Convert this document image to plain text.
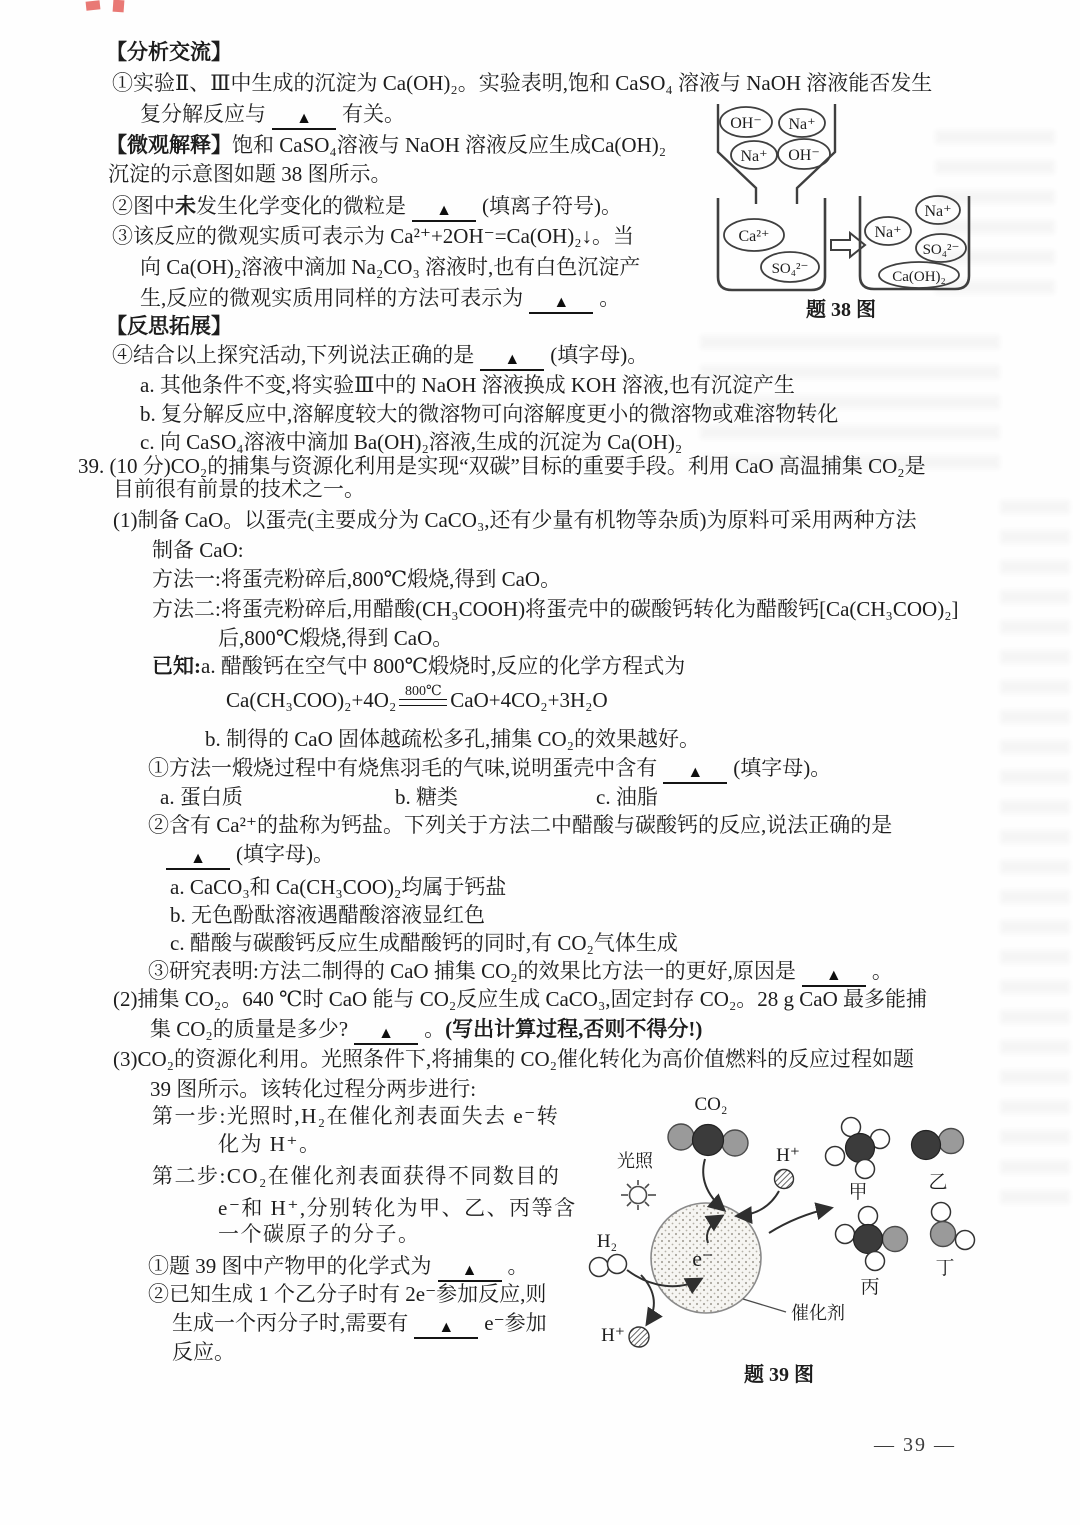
【分析交流】
①实验Ⅱ、Ⅲ中生成的沉淀为 Ca(OH)₂。实验表明,饱和 CaSO₄ 溶液与 NaOH 溶液能否发生
复分解反应与 ▲ 有关。
【微观解释】饱和 CaSO₄溶液与 NaOH 溶液反应生成Ca(OH)₂
沉淀的示意图如题 38 图所示。
②图中未发生化学变化的微粒是 ▲ (填离子符号)。
③该反应的微观实质可表示为 Ca²⁺+2OH⁻=Ca(OH)₂↓。当
向 Ca(OH)₂溶液中滴加 Na₂CO₃ 溶液时,也有白色沉淀产
生,反应的微观实质用同样的方法可表示为 ▲ 。
【反思拓展】
④结合以上探究活动,下列说法正确的是 ▲ (填字母)。
a. 其他条件不变,将实验Ⅲ中的 NaOH 溶液换成 KOH 溶液,也有沉淀产生
b. 复分解反应中,溶解度较大的微溶物可向溶解度更小的微溶物或难溶物转化
c. 向 CaSO₄溶液中滴加 Ba(OH)₂溶液,生成的沉淀为 Ca(OH)₂
OH⁻ Na⁺
Na⁺ OH⁻
Ca²⁺
SO₄²⁻
Na⁺
Na⁺
SO₄²⁻
Ca(OH)₂
题 38 图
39. (10 分)CO₂的捕集与资源化利用是实现“双碳”目标的重要手段。利用 CaO 高温捕集 CO₂是
目前很有前景的技术之一。
(1)制备 CaO。以蛋壳(主要成分为 CaCO₃,还有少量有机物等杂质)为原料可采用两种方法
制备 CaO:
方法一:将蛋壳粉碎后,800℃煅烧,得到 CaO。
方法二:将蛋壳粉碎后,用醋酸(CH₃COOH)将蛋壳中的碳酸钙转化为醋酸钙[Ca(CH₃COO)₂]
后,800℃煅烧,得到 CaO。
已知:a. 醋酸钙在空气中 800℃煅烧时,反应的化学方程式为
Ca(CH₃COO)₂+4O₂ 800℃ CaO+4CO₂+3H₂O
b. 制得的 CaO 固体越疏松多孔,捕集 CO₂的效果越好。
①方法一煅烧过程中有烧焦羽毛的气味,说明蛋壳中含有 ▲ (填字母)。
a. 蛋白质	b. 糖类	c. 油脂
②含有 Ca²⁺的盐称为钙盐。下列关于方法二中醋酸与碳酸钙的反应,说法正确的是
▲ (填字母)。
a. CaCO₃和 Ca(CH₃COO)₂均属于钙盐
b. 无色酚酞溶液遇醋酸溶液显红色
c. 醋酸与碳酸钙反应生成醋酸钙的同时,有 CO₂气体生成
③研究表明:方法二制得的 CaO 捕集 CO₂的效果比方法一的更好,原因是 ▲ 。
(2)捕集 CO₂。640 ℃时 CaO 能与 CO₂反应生成 CaCO₃,固定封存 CO₂。28 g CaO 最多能捕
集 CO₂的质量是多少? ▲ 。(写出计算过程,否则不得分!)
(3)CO₂的资源化利用。光照条件下,将捕集的 CO₂催化转化为高价值燃料的反应过程如题
39 图所示。该转化过程分两步进行:
第一步:光照时,H₂在催化剂表面失去 e⁻转
化为 H⁺。
第二步:CO₂在催化剂表面获得不同数目的
e⁻和 H⁺,分别转化为甲、乙、丙等含
一个碳原子的分子。
①题 39 图中产物甲的化学式为 ▲ 。
②已知生成 1 个乙分子时有 2e⁻参加反应,则
生成一个丙分子时,需要有 ▲ e⁻参加
反应。
光照
CO₂
H⁺
e⁻
催化剂
H₂
H⁺
甲	乙
丙
丁
题 39 图
— 39 —
